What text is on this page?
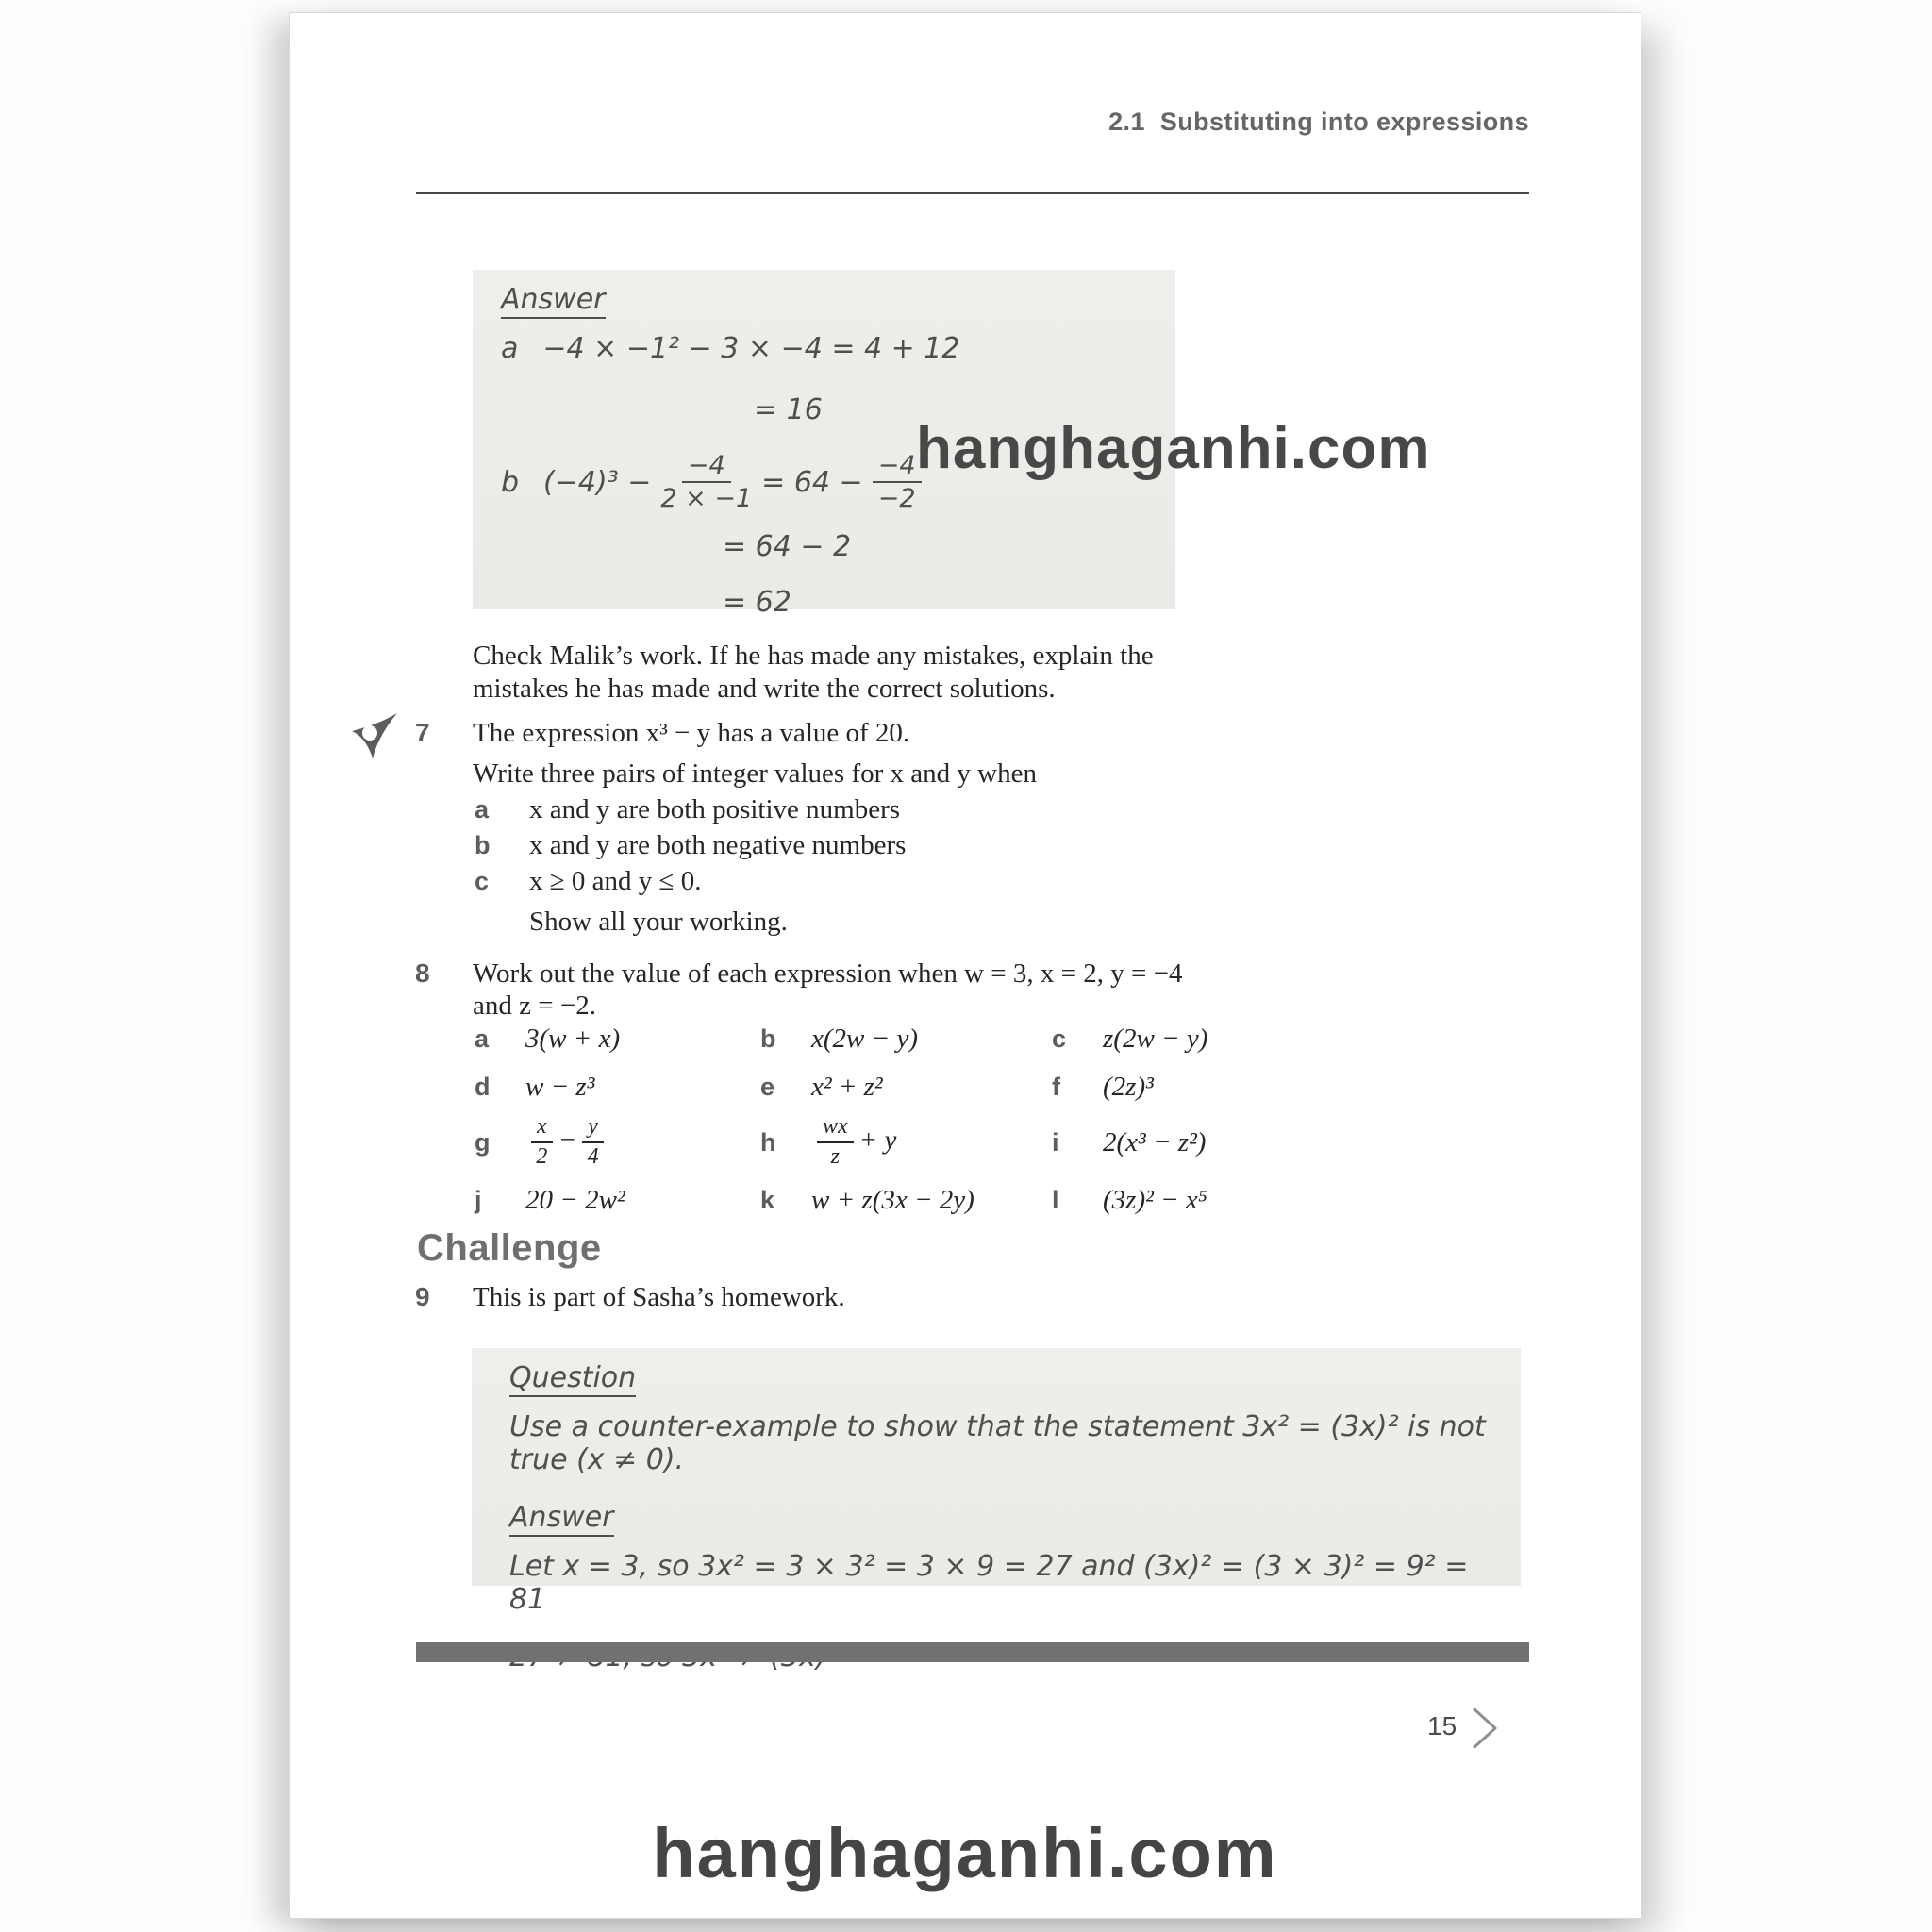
2.1 Substituting into expressions
Answer
a −4 × −1² − 3 × −4 = 4 + 12
= 16
b $(-4)^3 - \frac{-4}{2 \times -1} = 64 - \frac{-4}{-2}$
= 64 − 2
= 62
hanghaganhi.com
Check Malik’s work. If he has made any mistakes, explain the
mistakes he has made and write the correct solutions.
7 The expression x³ − y has a value of 20.
Write three pairs of integer values for x and y when
a x and y are both positive numbers
b x and y are both negative numbers
c x ≥ 0 and y ≤ 0.
Show all your working.
8 Work out the value of each expression when w = 3, x = 2, y = −4
and z = −2.
a	3(w + x)	b	x(2w − y)	c	z(2w − y)
d	w − z³	e	x² + z²	f	(2z)³
g	$\frac{x}{2} - \frac{y}{4}$	h	$\frac{wx}{z} + y$	i	2(x³ − z²)
j	20 − 2w²	k	w + z(3x − 2y)	l	(3z)² − x⁵
Challenge
9 This is part of Sasha’s homework.
Question
Use a counter-example to show that the statement 3x² = (3x)² is not true (x ≠ 0).
Answer
Let x = 3, so 3x² = 3 × 3² = 3 × 9 = 27 and (3x)² = (3 × 3)² = 9² = 81
15
hanghaganhi.com
